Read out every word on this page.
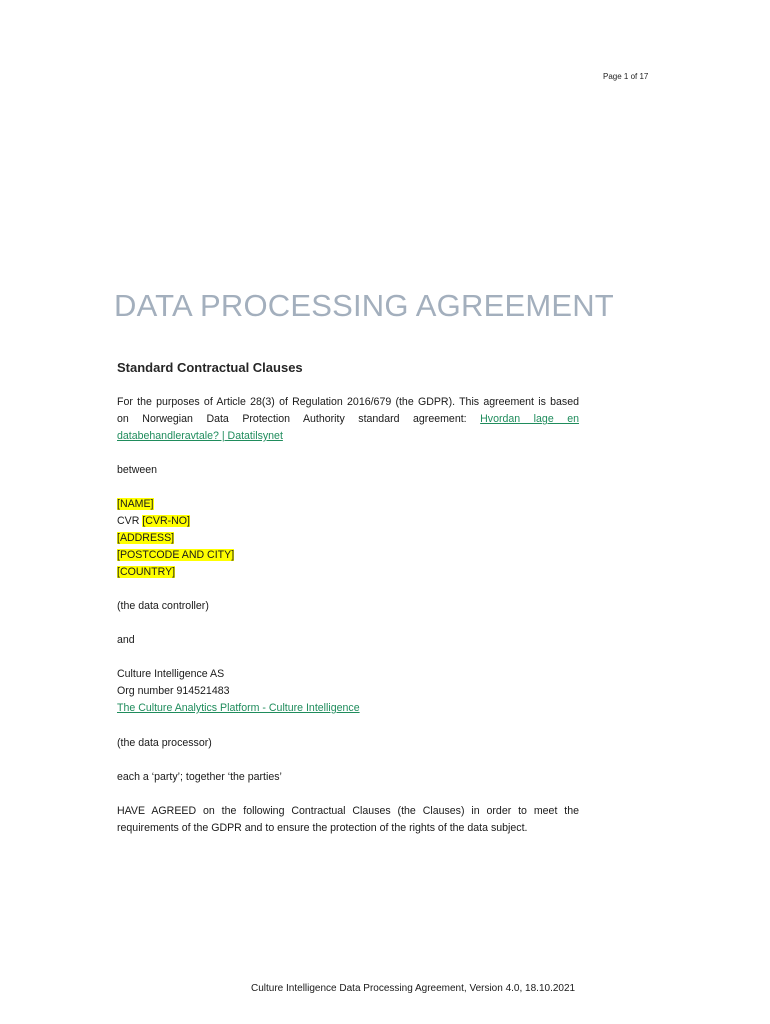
Page 1 of 17
DATA PROCESSING AGREEMENT
Standard Contractual Clauses
For the purposes of Article 28(3) of Regulation 2016/679 (the GDPR). This agreement is based
on Norwegian Data Protection Authority standard agreement: Hvordan lage en
databehandleravtale? | Datatilsynet
between
[NAME]
CVR [CVR-NO]
[ADDRESS]
[POSTCODE AND CITY]
[COUNTRY]
(the data controller)
and
Culture Intelligence AS
Org number 914521483
The Culture Analytics Platform - Culture Intelligence
(the data processor)
each a ‘party’; together ‘the parties’
HAVE AGREED on the following Contractual Clauses (the Clauses) in order to meet the
requirements of the GDPR and to ensure the protection of the rights of the data subject.
Culture Intelligence Data Processing Agreement, Version 4.0, 18.10.2021
